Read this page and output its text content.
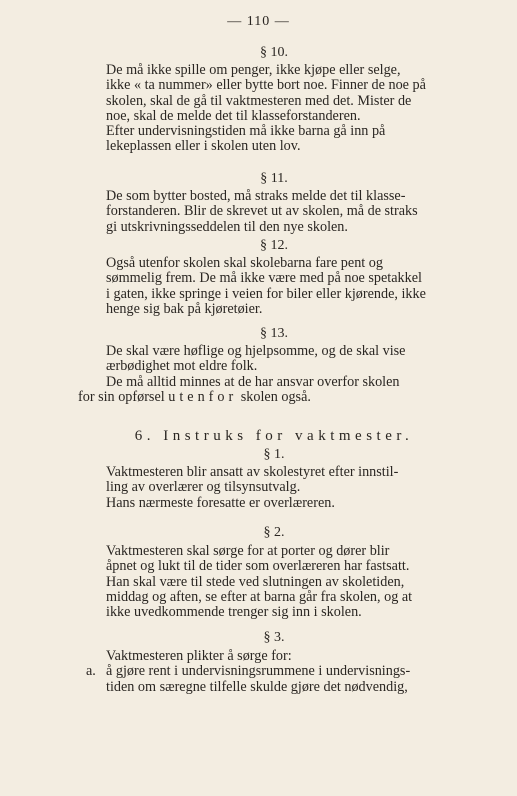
— 110 —
§ 10.
De må ikke spille om penger, ikke kjøpe eller selge,
ikke « ta nummer» eller bytte bort noe. Finner de noe på
skolen, skal de gå til vaktmesteren med det. Mister de
noe, skal de melde det til klasseforstanderen.
Efter undervisningstiden må ikke barna gå inn på
lekeplassen eller i skolen uten lov.
§ 11.
De som bytter bosted, må straks melde det til klasse-
forstanderen. Blir de skrevet ut av skolen, må de straks
gi utskrivningsseddelen til den nye skolen.
§ 12.
Også utenfor skolen skal skolebarna fare pent og
sømmelig frem. De må ikke være med på noe spetakkel
i gaten, ikke springe i veien for biler eller kjørende, ikke
henge sig bak på kjøretøier.
§ 13.
De skal være høflige og hjelpsomme, og de skal vise
ærbødighet mot eldre folk.
De må alltid minnes at de har ansvar overfor skolen
for sin opførsel utenfor skolen også.
6. Instruks for vaktmester.
§ 1.
Vaktmesteren blir ansatt av skolestyret efter innstil-
ling av overlærer og tilsynsutvalg.
Hans nærmeste foresatte er overlæreren.
§ 2.
Vaktmesteren skal sørge for at porter og dører blir
åpnet og lukt til de tider som overlæreren har fastsatt.
Han skal være til stede ved slutningen av skoletiden,
middag og aften, se efter at barna går fra skolen, og at
ikke uvedkommende trenger sig inn i skolen.
§ 3.
Vaktmesteren plikter å sørge for:
a. å gjøre rent i undervisningsrummene i undervisnings-
tiden om særegne tilfelle skulde gjøre det nødvendig,
